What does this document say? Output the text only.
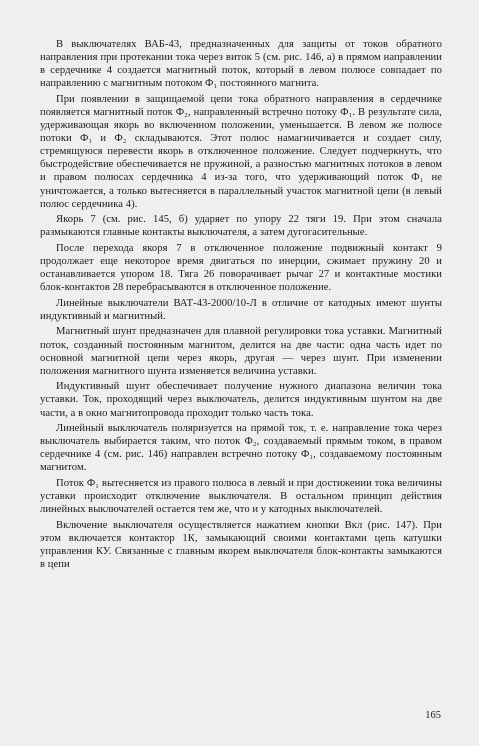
В выключателях ВАБ-43, предназначенных для защиты от токов обратного направления при протекании тока через виток 5 (см. рис. 146, а) в прямом направлении в сердечнике 4 создается магнитный поток, который в левом полюсе совпадает по направлению с магнитным потоком Ф₁ постоянного магнита.

При появлении в защищаемой цепи тока обратного направления в сердечнике появляется магнитный поток Ф₂, направленный встречно потоку Ф₁. В результате сила, удерживающая якорь во включенном положении, уменьшается. В левом же полюсе потоки Ф₁ и Ф₂ складываются. Этот полюс намагничивается и создает силу, стремящуюся перевести якорь в отключенное положение. Следует подчеркнуть, что быстродействие обеспечивается не пружиной, а разностью магнитных потоков в левом и правом полюсах сердечника 4 из-за того, что удерживающий поток Ф₁ не уничтожается, а только вытесняется в параллельный участок магнитной цепи (в левый полюс сердечника 4).

Якорь 7 (см. рис. 145, б) ударяет по упору 22 тяги 19. При этом сначала размыкаются главные контакты выключателя, а затем дугогасительные.

После перехода якоря 7 в отключенное положение подвижный контакт 9 продолжает еще некоторое время двигаться по инерции, сжимает пружину 20 и останавливается упором 18. Тяга 26 поворачивает рычаг 27 и контактные мостики блок-контактов 28 перебрасываются в отключенное положение.

Линейные выключатели ВАТ-43-2000/10-Л в отличие от катодных имеют шунты индуктивный и магнитный.

Магнитный шунт предназначен для плавной регулировки тока уставки. Магнитный поток, созданный постоянным магнитом, делится на две части: одна часть идет по основной магнитной цепи через якорь, другая — через шунт. При изменении положения магнитного шунта изменяется величина уставки.

Индуктивный шунт обеспечивает получение нужного диапазона величин тока уставки. Ток, проходящий через выключатель, делится индуктивным шунтом на две части, а в окно магнитопровода проходит только часть тока.

Линейный выключатель поляризуется на прямой ток, т. е. направление тока через выключатель выбирается таким, что поток Ф₂, создаваемый прямым током, в правом сердечнике 4 (см. рис. 146) направлен встречно потоку Ф₁, создаваемому постоянным магнитом.

Поток Ф₁ вытесняется из правого полюса в левый и при достижении тока величины уставки происходит отключение выключателя. В остальном принцип действия линейных выключателей остается тем же, что и у катодных выключателей.

Включение выключателя осуществляется нажатием кнопки Вкл (рис. 147). При этом включается контактор 1К, замыкающий своими контактами цепь катушки управления КУ. Связанные с главным якорем выключателя блок-контакты замыкаются в цепи

165
